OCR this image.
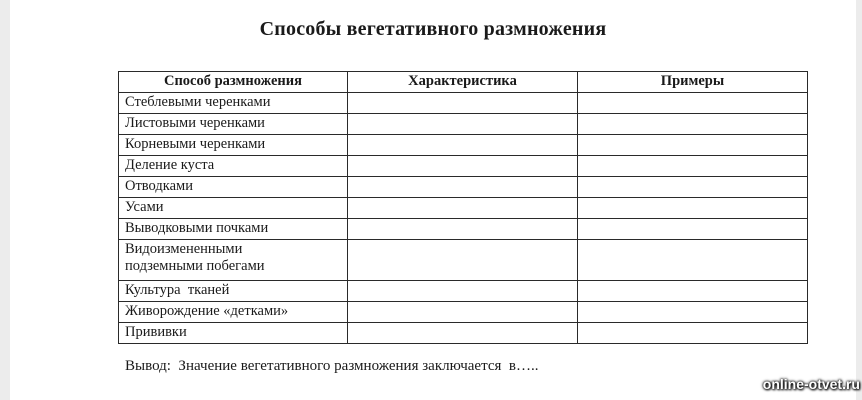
Способы вегетативного размножения
Способ размножения	Характеристика	Примеры
Стеблевыми черенками		
Листовыми черенками		
Корневыми черенками		
Деление куста		
Отводками		
Усами		
Выводковыми почками		
Видоизмененными
подземными побегами		
Культура  тканей		
Живорождение «детками»		
Прививки		
Вывод:  Значение вегетативного размножения заключается  в…..
online-otvet.ru
